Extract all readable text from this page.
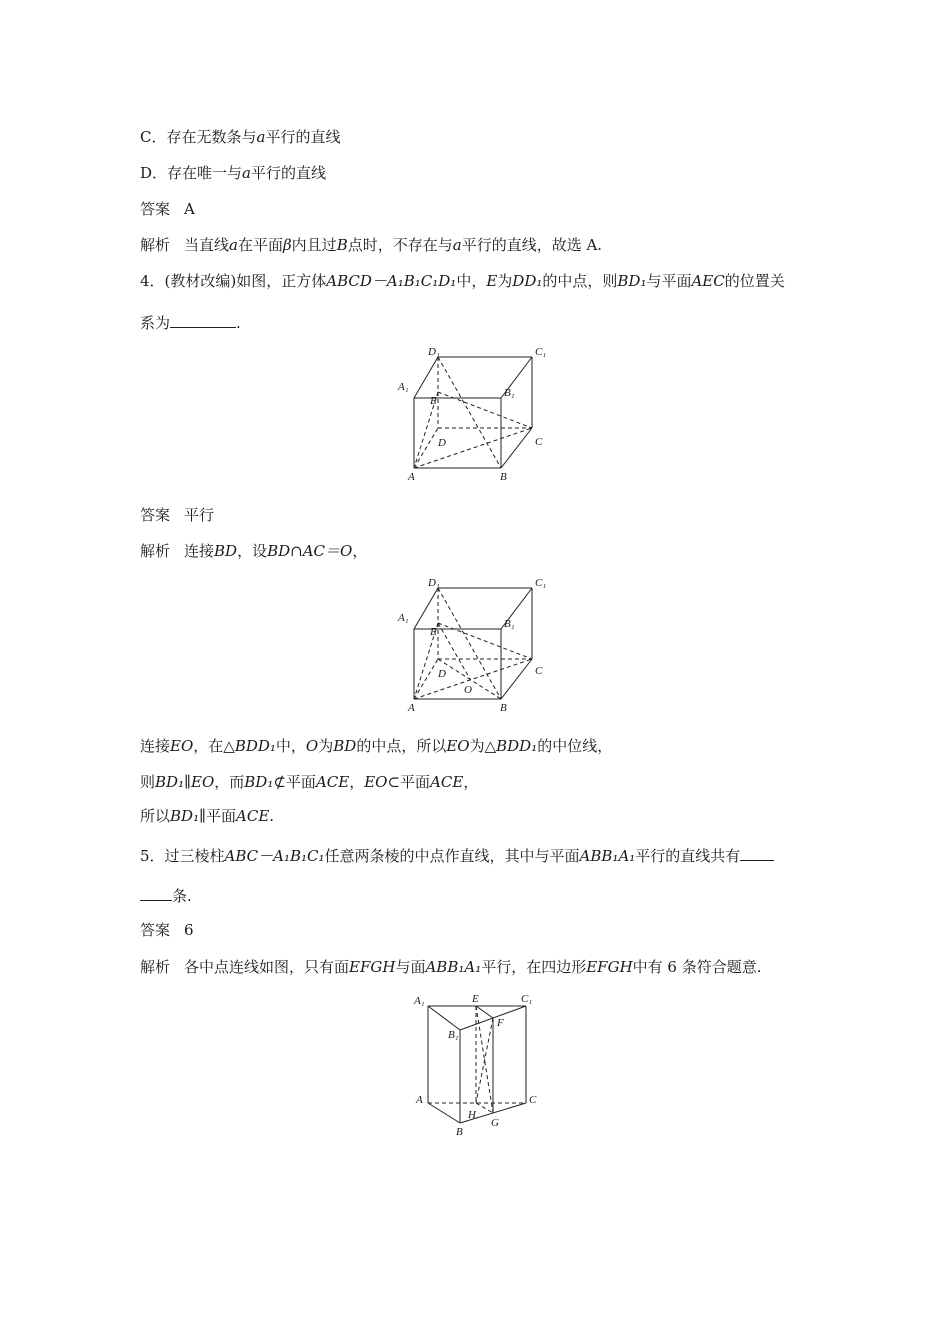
C．存在无数条与a平行的直线
D．存在唯一与a平行的直线
答案 A
解析 当直线a在平面β内且过B点时，不存在与a平行的直线，故选 A.
4．(教材改编)如图，正方体ABCD－A₁B₁C₁D₁中，E为DD₁的中点，则BD₁与平面AEC的位置关
系为	.
D₁	C₁
A₁	B₁
E
C
D
A	B
答案 平行
解析 连接BD，设BD∩AC＝O，
D₁	C₁
A₁	B₁
E
C
D
O
A	B
连接EO，在△BDD₁中，O为BD的中点，所以EO为△BDD₁的中位线，
则BD₁∥EO，而BD₁⊄平面ACE，EO⊂平面ACE，
所以BD₁∥平面ACE.
5．过三棱柱ABC－A₁B₁C₁任意两条棱的中点作直线，其中与平面ABB₁A₁平行的直线共有
条.
答案 6
解析 各中点连线如图，只有面EFGH与面ABB₁A₁平行，在四边形EFGH中有 6 条符合题意.
A₁	E	C₁
B₁
F
A
H
C
B
G
